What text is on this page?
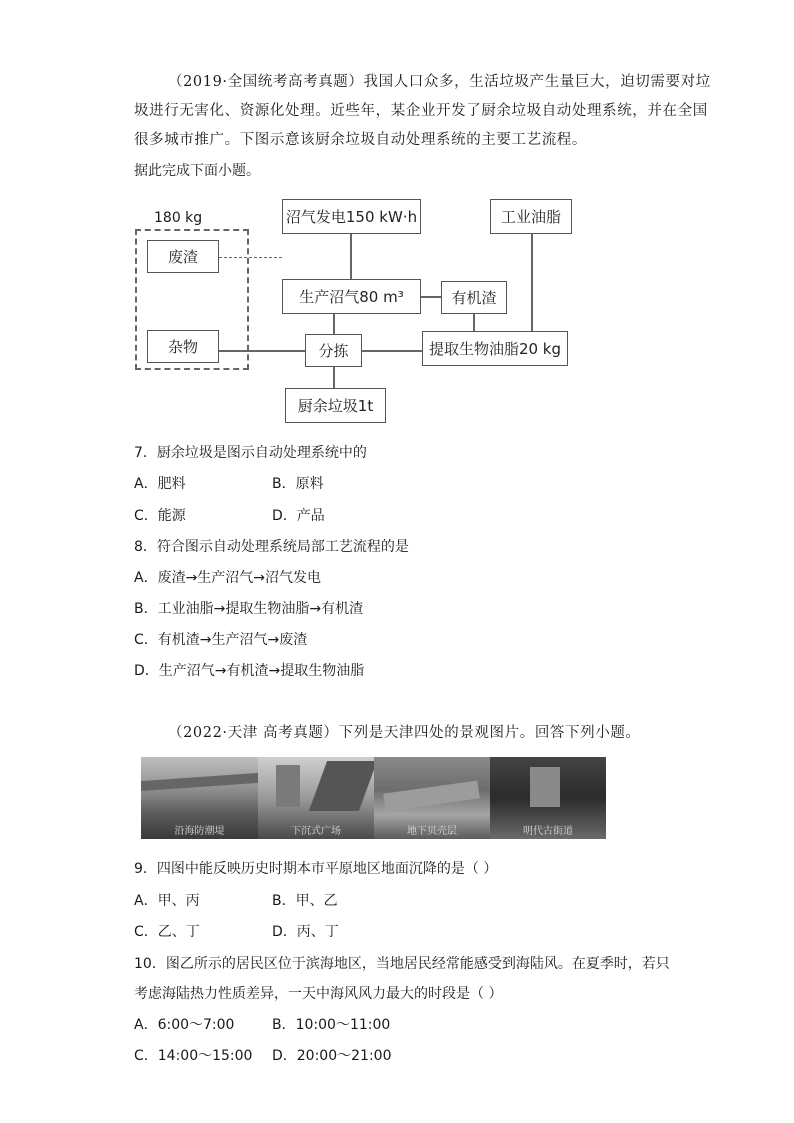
（2019·全国统考高考真题）我国人口众多，生活垃圾产生量巨大，迫切需要对垃
圾进行无害化、资源化处理。近些年，某企业开发了厨余垃圾自动处理系统，并在全国
很多城市推广。下图示意该厨余垃圾自动处理系统的主要工艺流程。
据此完成下面小题。
180 kg
废渣
杂物
沼气发电150 kW·h
生产沼气80 m³
分拣
厨余垃圾1t
有机渣
工业油脂
提取生物油脂20 kg
7．厨余垃圾是图示自动处理系统中的
A．肥料	B．原料
C．能源	D．产品
8．符合图示自动处理系统局部工艺流程的是
A．废渣→生产沼气→沼气发电
B．工业油脂→提取生物油脂→有机渣
C．有机渣→生产沼气→废渣
D．生产沼气→有机渣→提取生物油脂
（2022·天津 高考真题）下列是天津四处的景观图片。回答下列小题。
沿海防潮堤	下沉式广场	地下贝壳层	明代古街道
9．四图中能反映历史时期本市平原地区地面沉降的是（ ）
A．甲、丙	B．甲、乙
C．乙、丁	D．丙、丁
10．图乙所示的居民区位于滨海地区，当地居民经常能感受到海陆风。在夏季时，若只
考虑海陆热力性质差异，一天中海风风力最大的时段是（ ）
A．6:00～7:00	B．10:00～11:00
C．14:00～15:00 D．20:00～21:00
